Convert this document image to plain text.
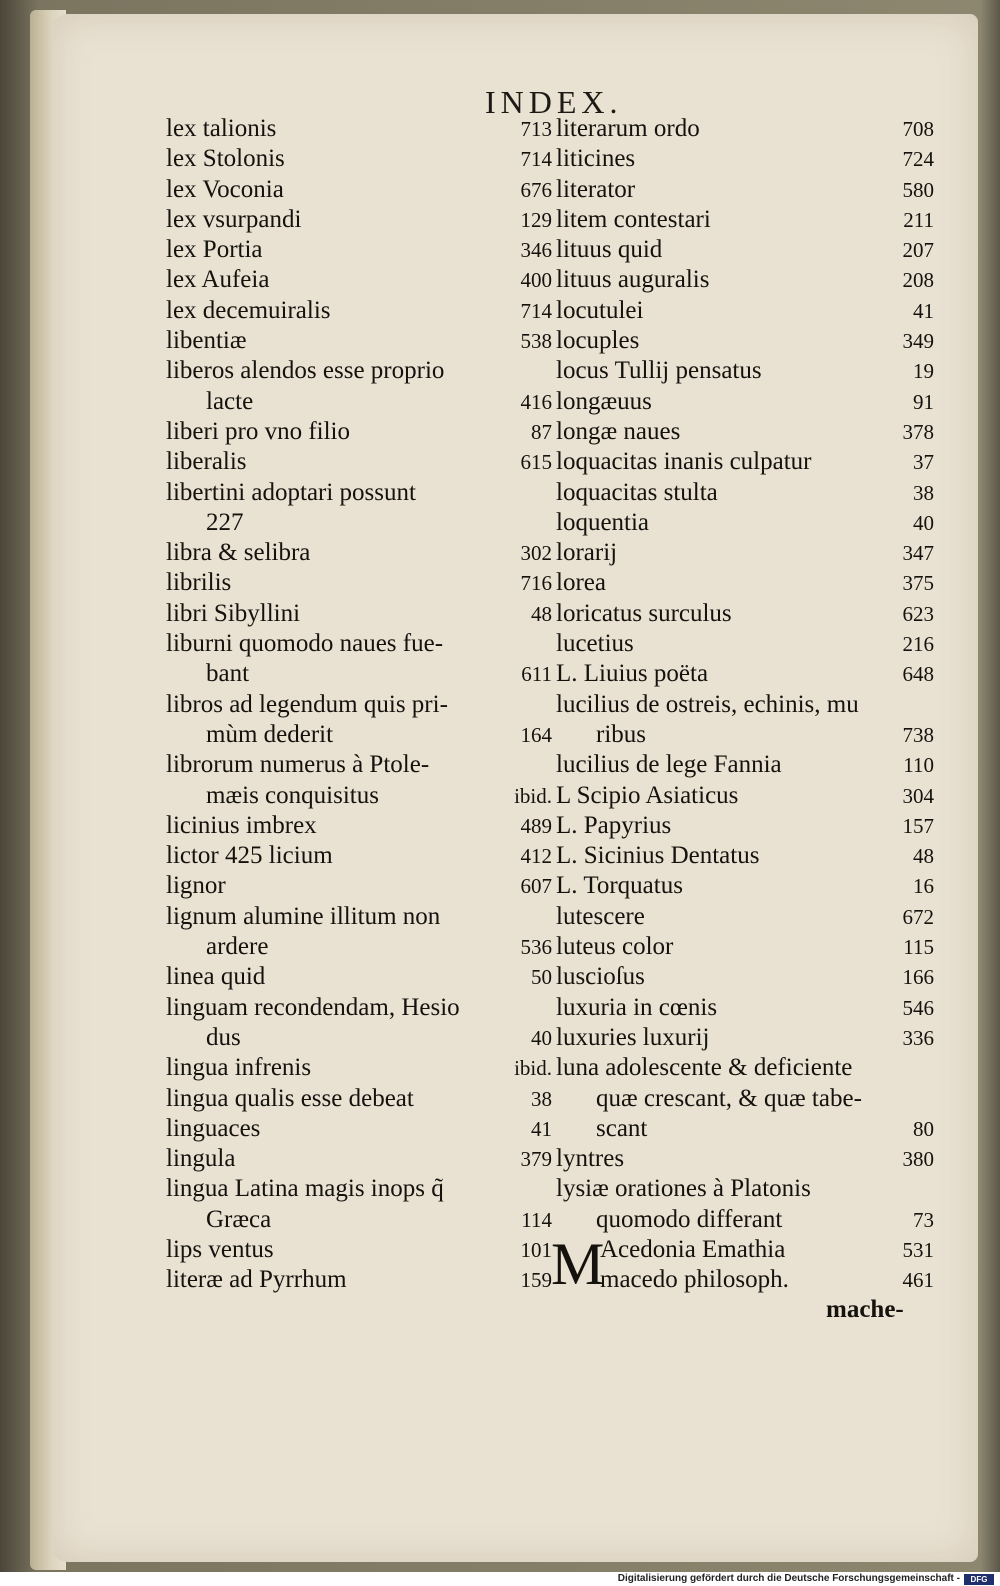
INDEX.
lex talionis	713
lex Stolonis	714
lex Voconia	676
lex vsurpandi	129
lex Portia	346
lex Aufeia	400
lex decemuiralis	714
libentiæ	538
liberos alendos esse proprio
lacte	416
liberi pro vno filio	87
liberalis	615
libertini adoptari possunt
227
libra & selibra	302
librilis	716
libri Sibyllini	48
liburni quomodo naues fue-
bant	611
libros ad legendum quis pri-
mùm dederit	164
librorum numerus à Ptole-
mæis conquisitus	ibid.
licinius imbrex	489
lictor 425 licium	412
lignor	607
lignum alumine illitum non
ardere	536
linea quid	50
linguam recondendam, Hesio
dus	40
lingua infrenis	ibid.
lingua qualis esse debeat	38
linguaces	41
lingula	379
lingua Latina magis inops q̃
Græca	114
lips ventus	101
literæ ad Pyrrhum	159
literarum ordo	708
liticines	724
literator	580
litem contestari	211
lituus quid	207
lituus auguralis	208
locutulei	41
locuples	349
locus Tullij pensatus	19
longæuus	91
longæ naues	378
loquacitas inanis culpatur	37
loquacitas stulta	38
loquentia	40
lorarij	347
lorea	375
loricatus surculus	623
lucetius	216
L. Liuius poëta	648
lucilius de ostreis, echinis, mu
ribus	738
lucilius de lege Fannia	110
L Scipio Asiaticus	304
L. Papyrius	157
L. Sicinius Dentatus	48
L. Torquatus	16
lutescere	672
luteus color	115
luscioſus	166
luxuria in cœnis	546
luxuries luxurij	336
luna adolescente & deficiente
quæ crescant, & quæ tabe-
scant	80
lyntres	380
lysiæ orationes à Platonis
quomodo differant	73
Acedonia Emathia	531
macedo philosoph.	461
M
mache-
Digitalisierung gefördert durch die Deutsche Forschungsgemeinschaft -	DFG
